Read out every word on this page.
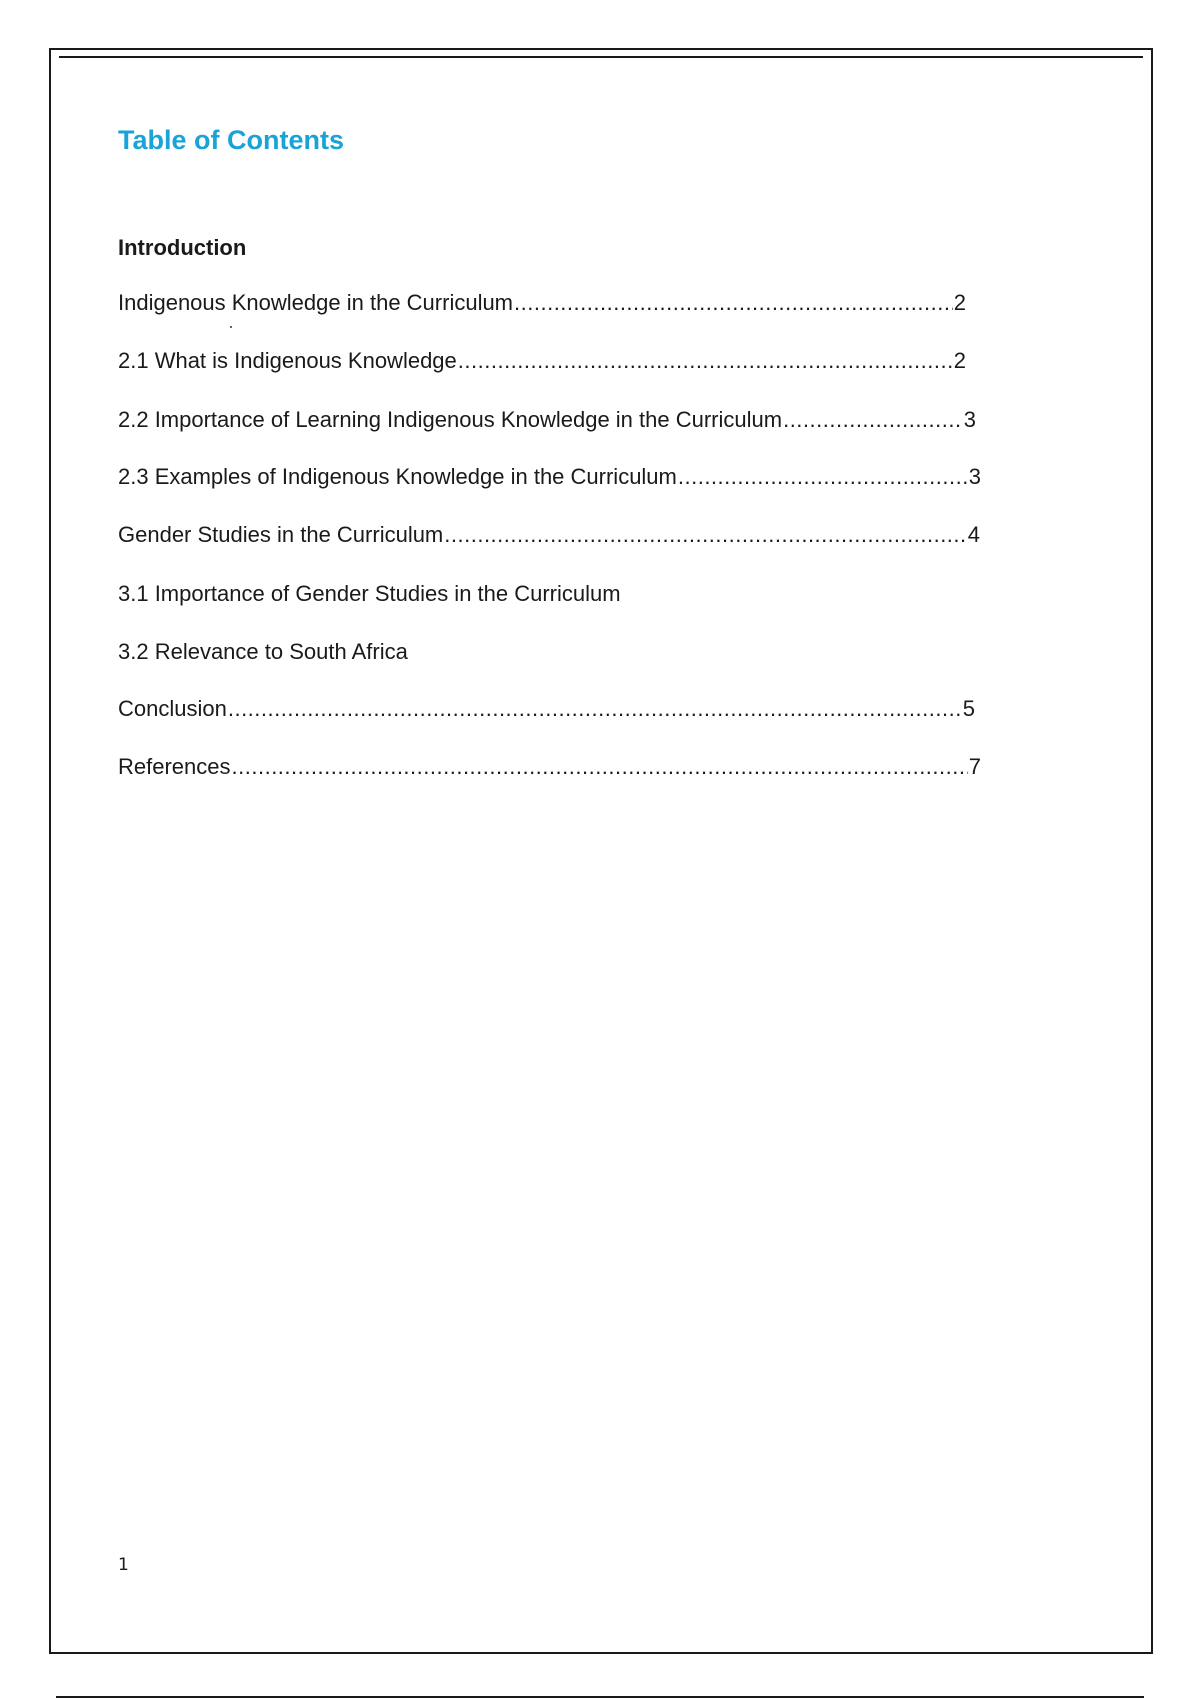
Table of Contents
Introduction
Indigenous Knowledge in the Curriculum .....	2
2.1 What is Indigenous Knowledge .....	2
2.2 Importance of Learning Indigenous Knowledge in the Curriculum .....	3
2.3 Examples of Indigenous Knowledge in the Curriculum .....	3
Gender Studies in the Curriculum .....	4
3.1 Importance of Gender Studies in the Curriculum
3.2 Relevance to South Africa
Conclusion .....	5
References .....	7
1
